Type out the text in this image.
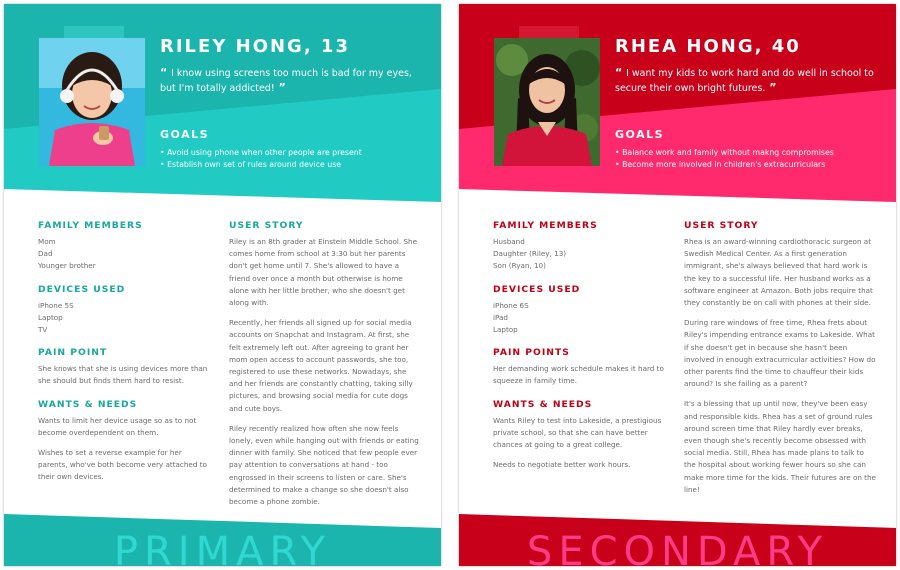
RILEY HONG, 13

“ I know using screens too much is bad for my eyes, but I'm totally addicted! ”

GOALS
• Avoid using phone when other people are present
• Establish own set of rules around device use
FAMILY MEMBERS

Mom

Dad

Younger brother

DEVICES USED

iPhone 5S

Laptop

TV

PAIN POINT

She knows that she is using devices more than she should but finds them hard to resist.

WANTS & NEEDS

Wants to limit her device usage so as to not become overdependent on them.

Wishes to set a reverse example for her parents, who've both become very attached to their own devices.

USER STORY

Riley is an 8th grader at Einstein Middle School. She comes home from school at 3:30 but her parents don't get home until 7. She's allowed to have a friend over once a month but otherwise is home alone with her little brother, who she doesn't get along with.

Recently, her friends all signed up for social media accounts on Snapchat and Instagram. At first, she felt extremely left out. After agreeing to grant her mom open access to account passwords, she too, registered to use these networks. Nowadays, she and her friends are constantly chatting, taking silly pictures, and browsing social media for cute dogs and cute boys.

Riley recently realized how often she now feels lonely, even while hanging out with friends or eating dinner with family. She noticed that few people ever pay attention to conversations at hand - too engrossed in their screens to listen or care. She's determined to make a change so she doesn't also become a phone zombie.

PRIMARY
RHEA HONG, 40

“ I want my kids to work hard and do well in school to secure their own bright futures. ”

GOALS
• Balance work and family without makng compromises
• Become more involved in children's extracurriculars
FAMILY MEMBERS

Husband

Daughter (Riley, 13)

Son (Ryan, 10)

DEVICES USED

iPhone 6S

iPad

Laptop

PAIN POINTS

Her demanding work schedule makes it hard to squeeze in family time.

WANTS & NEEDS

Wants Riley to test into Lakeside, a prestigious private school, so that she can have better chances at going to a great college.

Needs to negotiate better work hours.

USER STORY

Rhea is an award-winning cardiothoracic surgeon at Swedish Medical Center. As a first generation immigrant, she's always believed that hard work is the key to a successful life. Her husband works as a software engineer at Amazon. Both jobs require that they constantly be on call with phones at their side.

During rare windows of free time, Rhea frets about Riley's impending entrance exams to Lakeside. What if she doesn't get in because she hasn't been involved in enough extracurricular activities? How do other parents find the time to chauffeur their kids around? Is she failing as a parent?

It's a blessing that up until now, they've been easy and responsible kids. Rhea has a set of ground rules around screen time that Riley hardly ever breaks, even though she's recently become obsessed with social media. Still, Rhea has made plans to talk to the hospital about working fewer hours so she can make more time for the kids. Their futures are on the line!

SECONDARY
